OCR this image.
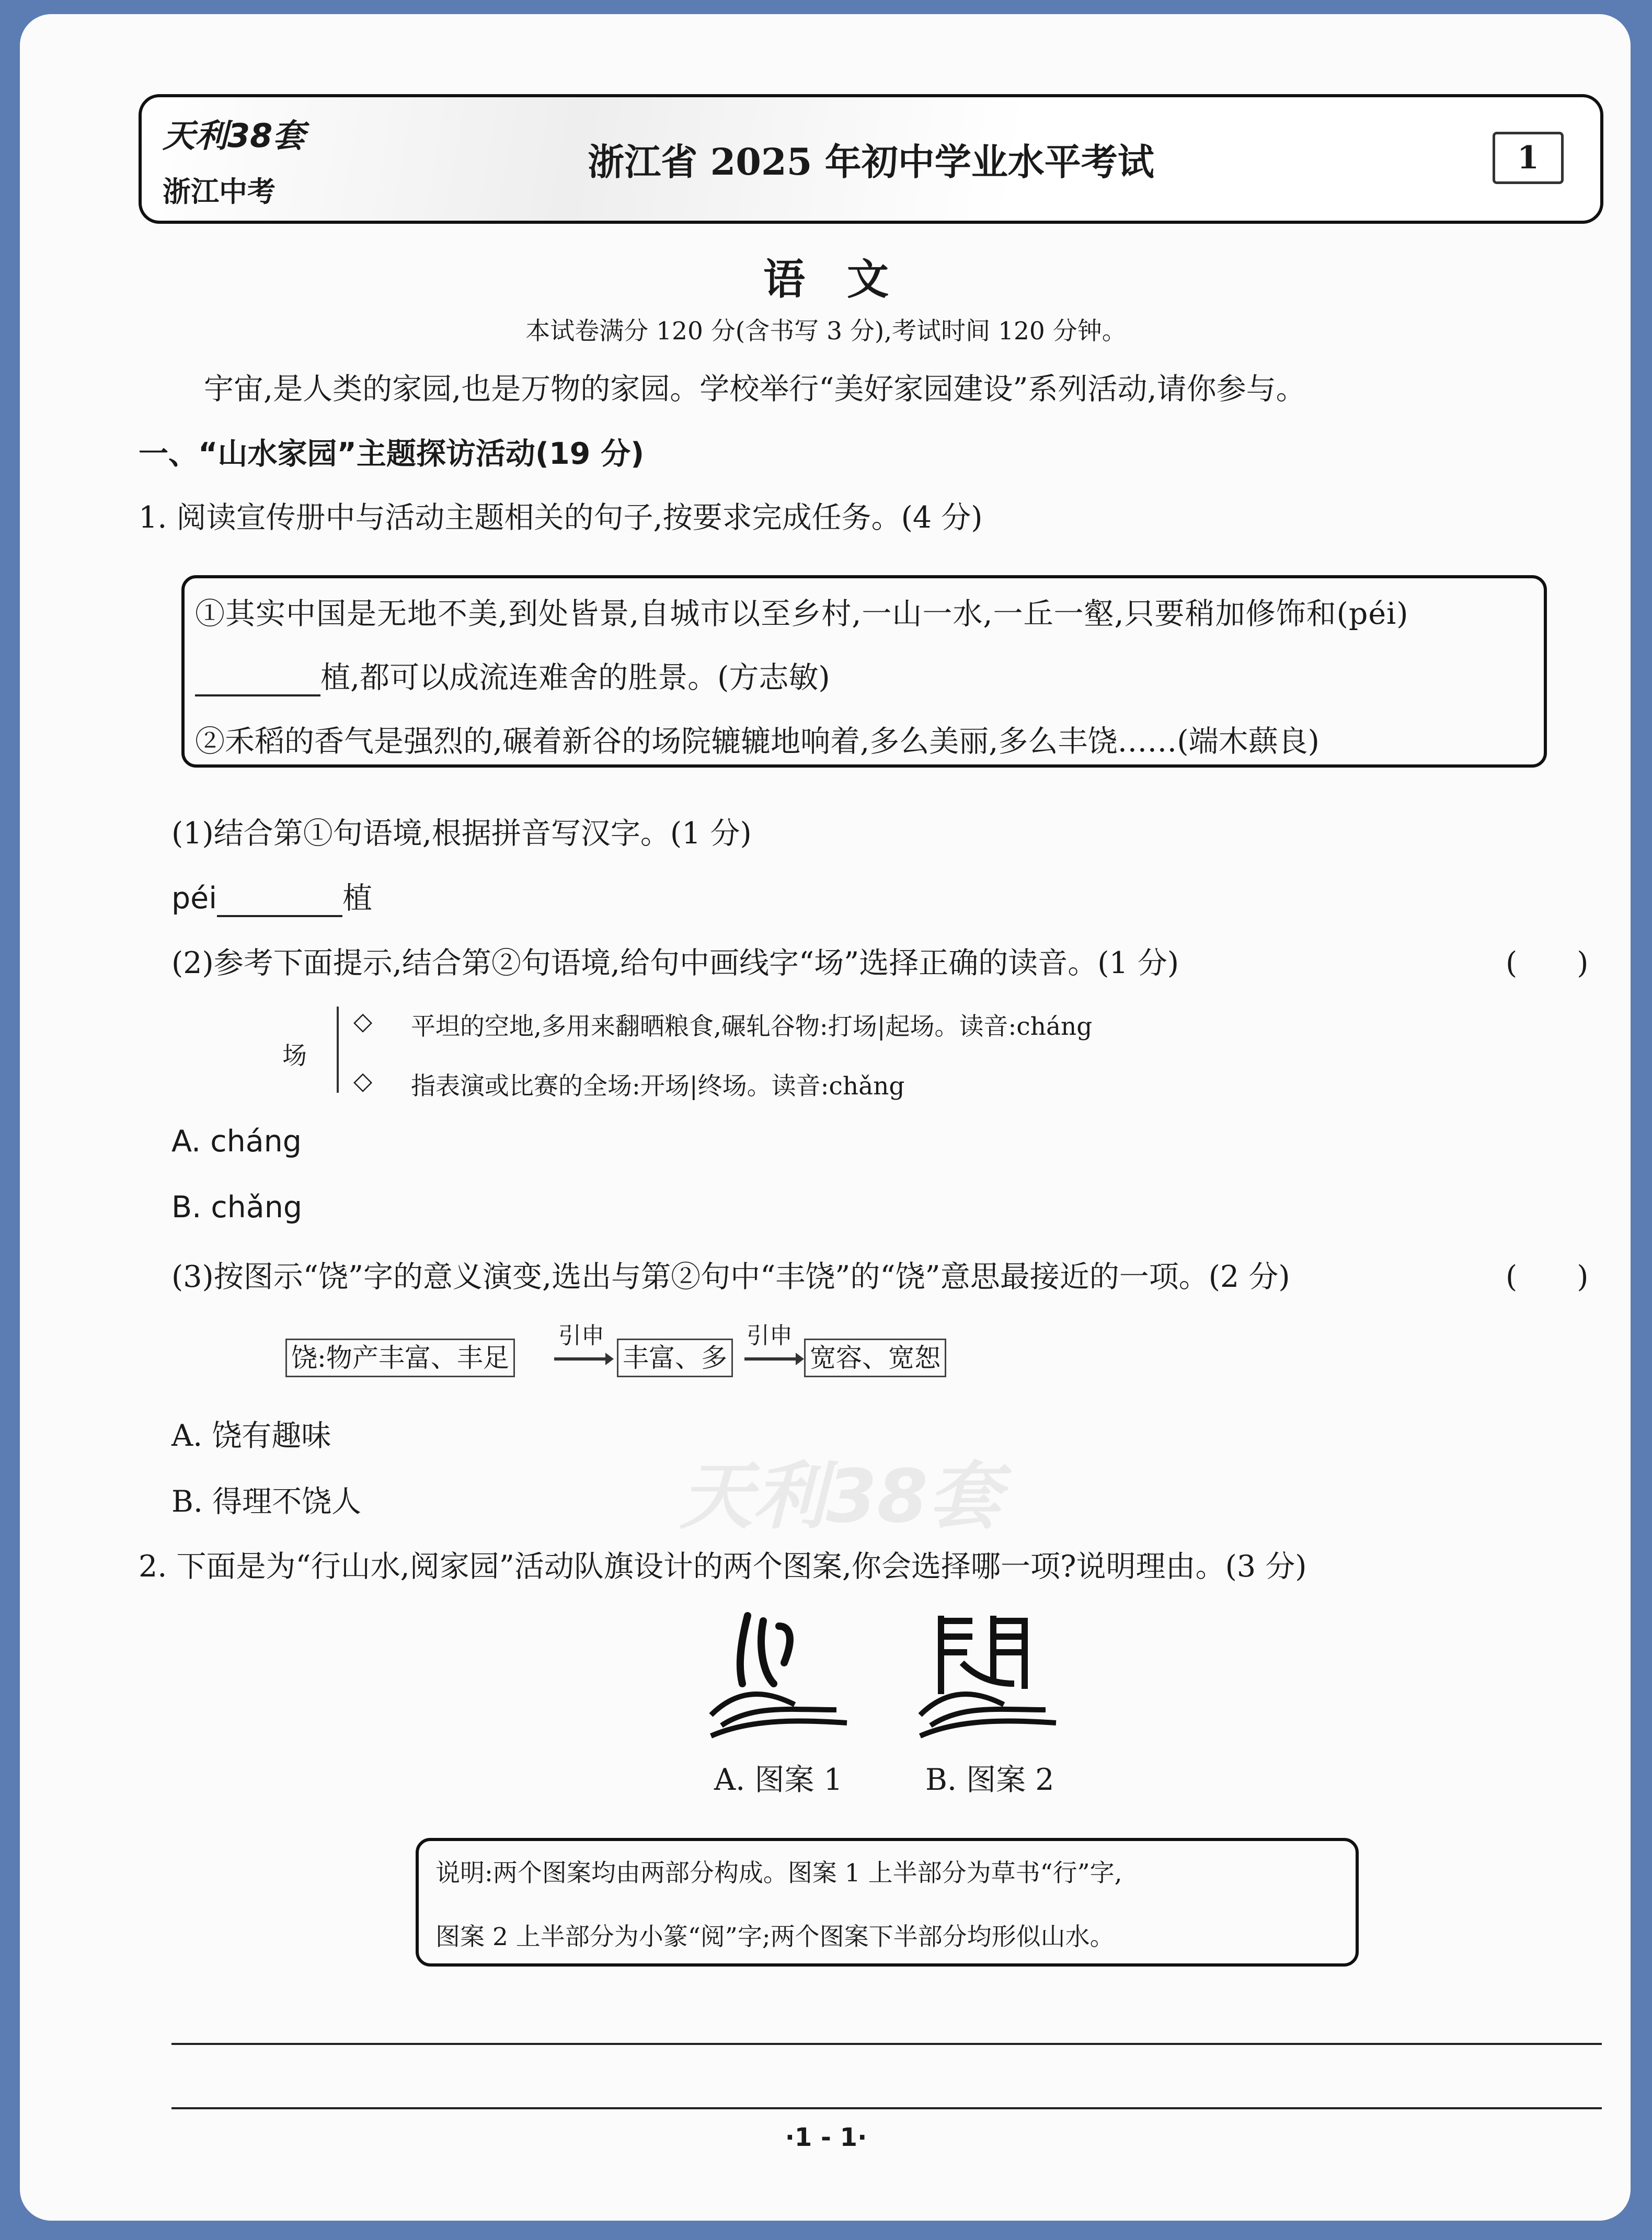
天利38套
浙江中考
浙江省 2025 年初中学业水平考试	1
语　文
本试卷满分 120 分(含书写 3 分),考试时间 120 分钟。
宇宙,是人类的家园,也是万物的家园。学校举行“美好家园建设”系列活动,请你参与。
一、“山水家园”主题探访活动(19 分)
1. 阅读宣传册中与活动主题相关的句子,按要求完成任务。(4 分)
①其实中国是无地不美,到处皆景,自城市以至乡村,一山一水,一丘一壑,只要稍加修饰和(péi)
植,都可以成流连难舍的胜景。(方志敏)
②禾稻的香气是强烈的,碾着新谷的场院辘辘地响着,多么美丽,多么丰饶……(端木蕻良)
(1)结合第①句语境,根据拼音写汉字。(1 分)
péi	植
(2)参考下面提示,结合第②句语境,给句中画线字“场”选择正确的读音。(1 分)	(　　)
场
◇ 平坦的空地,多用来翻晒粮食,碾轧谷物:打场|起场。读音:cháng
◇ 指表演或比赛的全场:开场|终场。读音:chǎng
A. cháng
B. chǎng
(3)按图示“饶”字的意义演变,选出与第②句中“丰饶”的“饶”意思最接近的一项。(2 分)	(　　)
饶:物产丰富、丰足
引申
丰富、多
引申
宽容、宽恕
A. 饶有趣味
B. 得理不饶人	天利38套
2. 下面是为“行山水,阅家园”活动队旗设计的两个图案,你会选择哪一项?说明理由。(3 分)
A. 图案 1	B. 图案 2
说明:两个图案均由两部分构成。图案 1 上半部分为草书“行”字,
图案 2 上半部分为小篆“阅”字;两个图案下半部分均形似山水。
·1 - 1·
